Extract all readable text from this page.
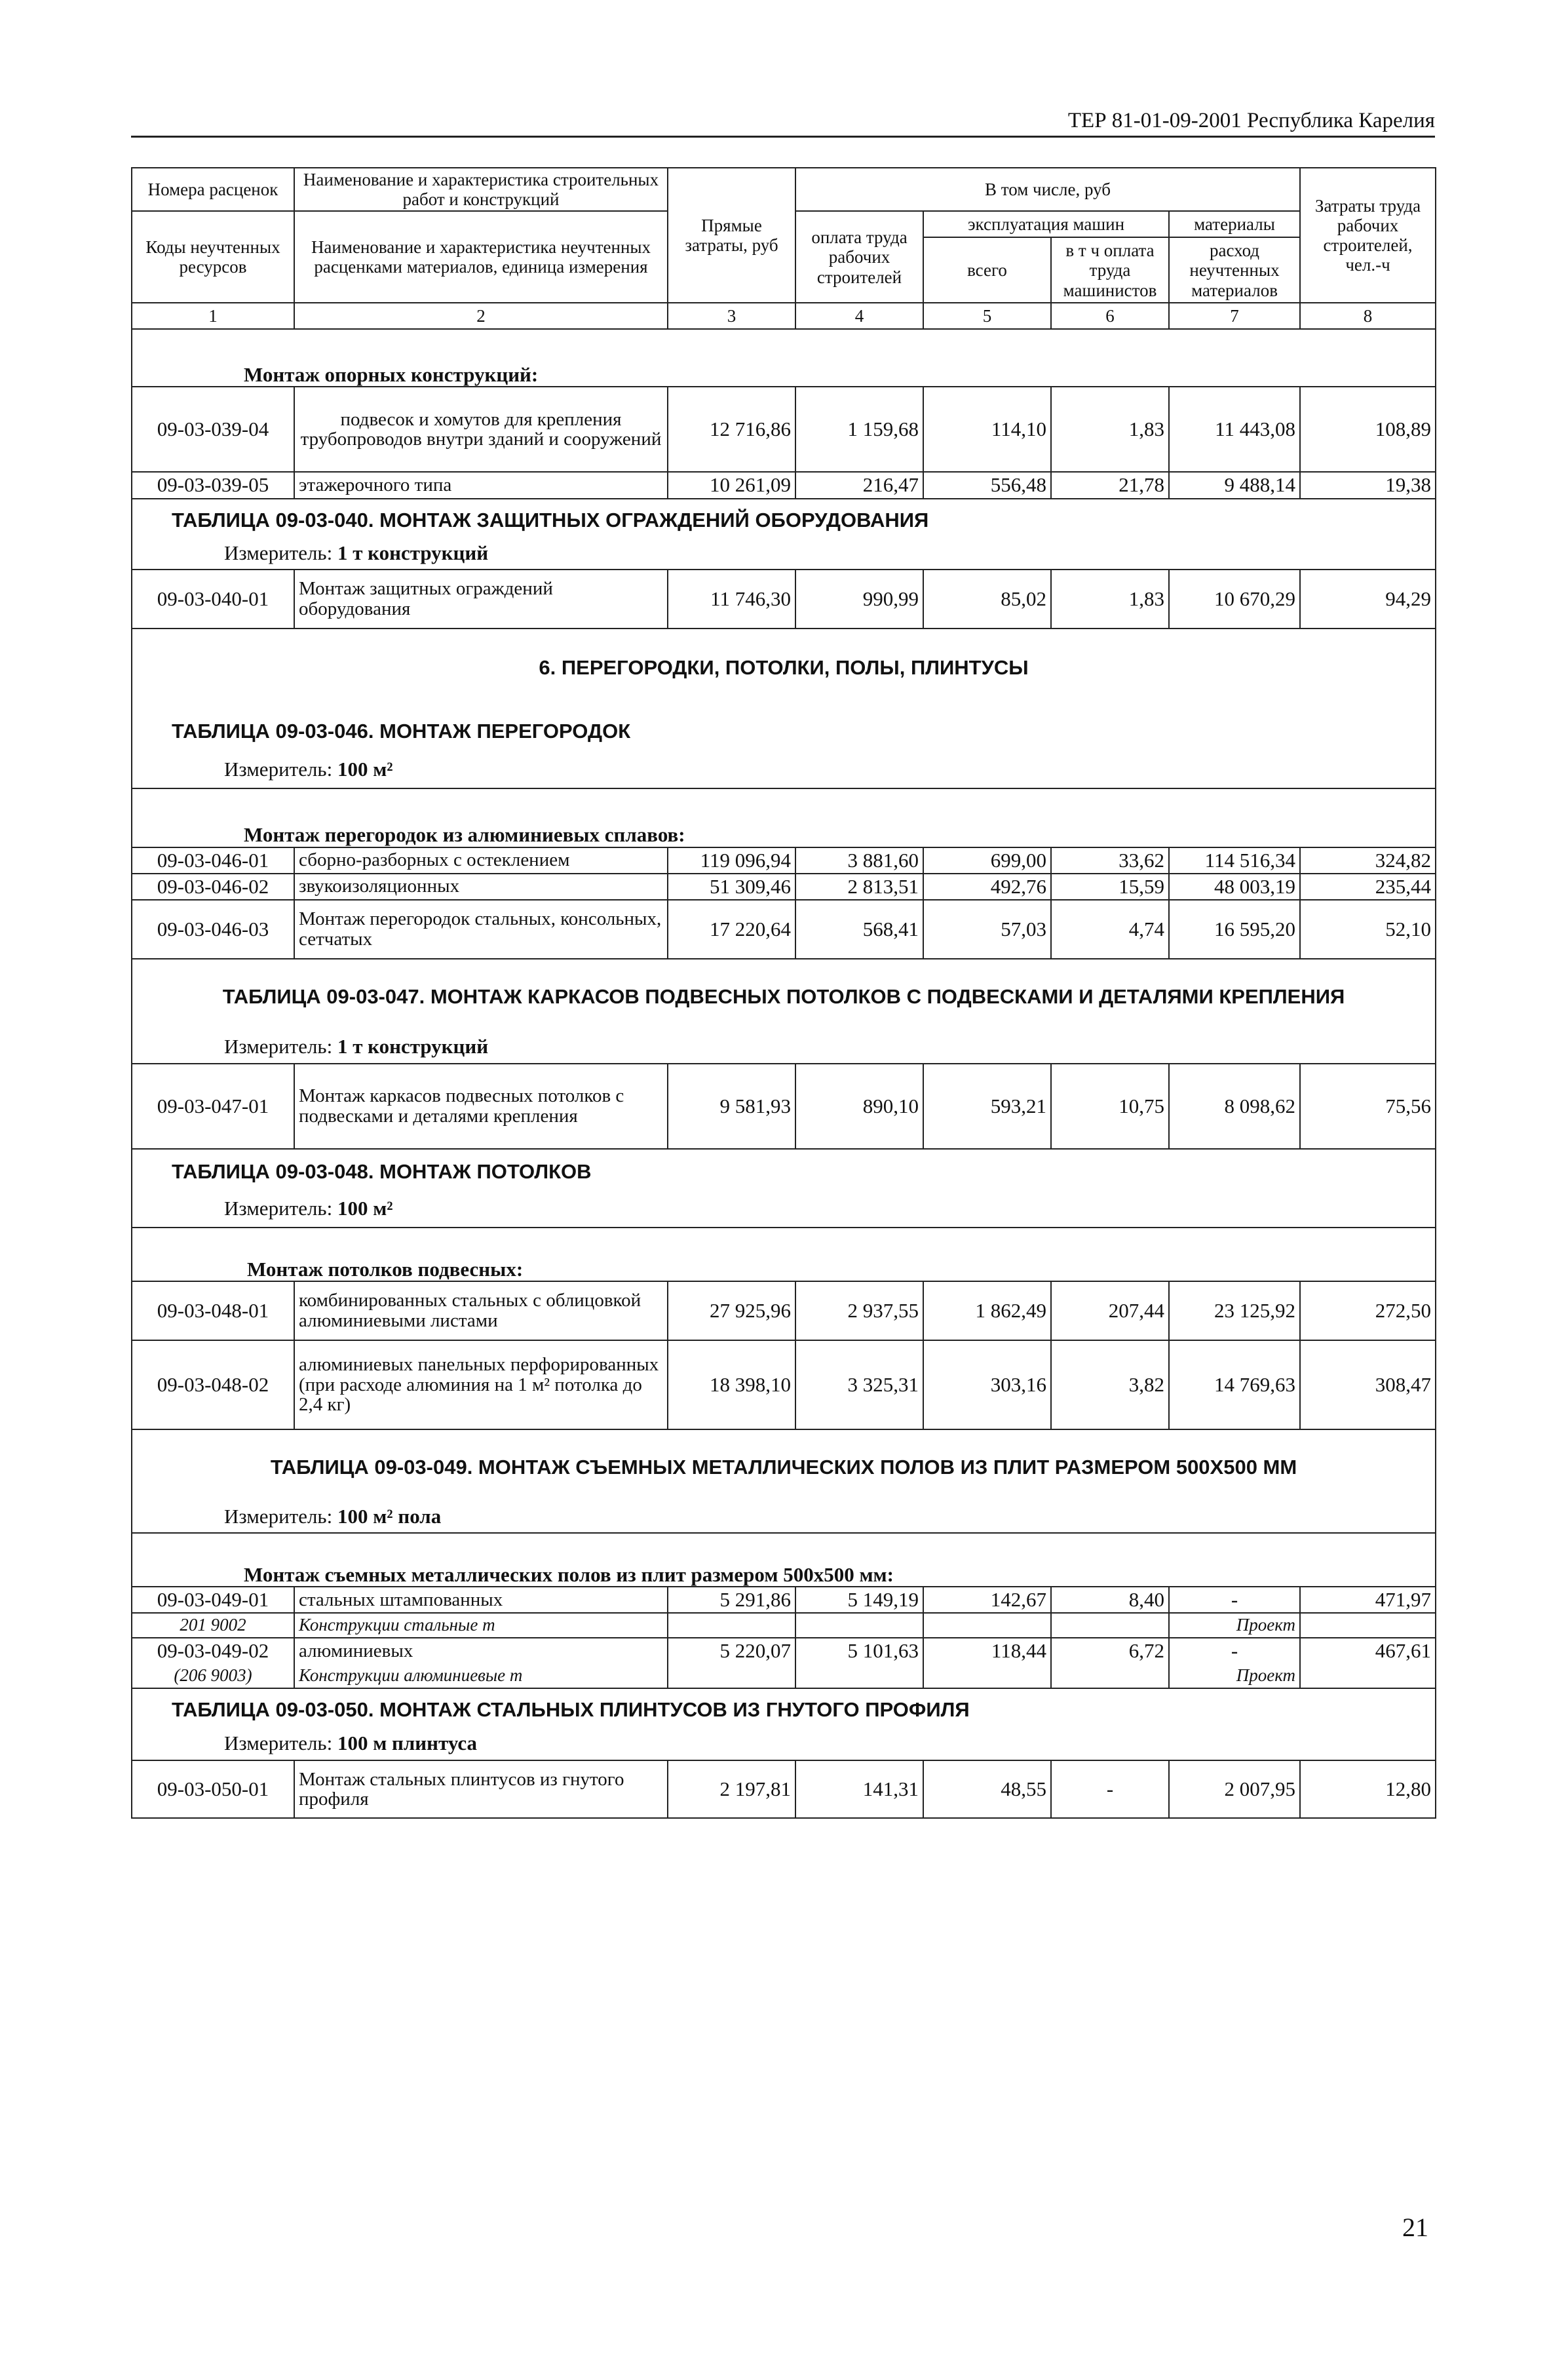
ТЕР 81-01-09-2001 Республика Карелия
Номера расценок	Наименование и характеристика строительных работ и конструкций	Прямые затраты, руб	В том числе, руб				Затраты труда рабочих строителей, чел.-ч
Коды неучтенных ресурсов	Наименование и характеристика неучтенных расценками материалов, единица измерения		оплата труда рабочих строителей	эксплуатация машин		материалы	
				всего	в т ч оплата труда машинистов	расход неучтенных материалов	
1	2	3	4	5	6	7	8
Монтаж опорных конструкций:							
09-03-039-04	подвесок и хомутов для крепления трубопроводов внутри зданий и сооружений	12 716,86	1 159,68	114,10	1,83	11 443,08	108,89
09-03-039-05	этажерочного типа	10 261,09	216,47	556,48	21,78	9 488,14	19,38
ТАБЛИЦА 09-03-040. МОНТАЖ ЗАЩИТНЫХ ОГРАЖДЕНИЙ ОБОРУДОВАНИЯ							
Измеритель: 1 т конструкций							
09-03-040-01	Монтаж защитных ограждений оборудования	11 746,30	990,99	85,02	1,83	10 670,29	94,29
6. ПЕРЕГОРОДКИ, ПОТОЛКИ, ПОЛЫ, ПЛИНТУСЫ							
ТАБЛИЦА 09-03-046. МОНТАЖ ПЕРЕГОРОДОК							
Измеритель: 100 м²							
Монтаж перегородок из алюминиевых сплавов:							
09-03-046-01	сборно-разборных с остеклением	119 096,94	3 881,60	699,00	33,62	114 516,34	324,82
09-03-046-02	звукоизоляционных	51 309,46	2 813,51	492,76	15,59	48 003,19	235,44
09-03-046-03	Монтаж перегородок стальных, консольных, сетчатых	17 220,64	568,41	57,03	4,74	16 595,20	52,10
ТАБЛИЦА 09-03-047. МОНТАЖ КАРКАСОВ ПОДВЕСНЫХ ПОТОЛКОВ С ПОДВЕСКАМИ И ДЕТАЛЯМИ КРЕПЛЕНИЯ							
Измеритель: 1 т конструкций							
09-03-047-01	Монтаж каркасов подвесных потолков с подвесками и деталями крепления	9 581,93	890,10	593,21	10,75	8 098,62	75,56
ТАБЛИЦА 09-03-048. МОНТАЖ ПОТОЛКОВ							
Измеритель: 100 м²							
Монтаж потолков подвесных:							
09-03-048-01	комбинированных стальных с облицовкой алюминиевыми листами	27 925,96	2 937,55	1 862,49	207,44	23 125,92	272,50
09-03-048-02	алюминиевых панельных перфорированных (при расходе алюминия на 1 м² потолка до 2,4 кг)	18 398,10	3 325,31	303,16	3,82	14 769,63	308,47
ТАБЛИЦА 09-03-049. МОНТАЖ СЪЕМНЫХ МЕТАЛЛИЧЕСКИХ ПОЛОВ ИЗ ПЛИТ РАЗМЕРОМ 500Х500 ММ							
Измеритель: 100 м² пола							
Монтаж съемных металлических полов из плит размером 500х500 мм:							
09-03-049-01	стальных штампованных	5 291,86	5 149,19	142,67	8,40	-	471,97
201 9002	Конструкции стальные т					Проект	
09-03-049-02	алюминиевых	5 220,07	5 101,63	118,44	6,72	-	467,61
(206 9003)	Конструкции алюминиевые т					Проект	
ТАБЛИЦА 09-03-050. МОНТАЖ СТАЛЬНЫХ ПЛИНТУСОВ ИЗ ГНУТОГО ПРОФИЛЯ							
Измеритель: 100 м плинтуса							
09-03-050-01	Монтаж стальных плинтусов из гнутого профиля	2 197,81	141,31	48,55	-	2 007,95	12,80
21
